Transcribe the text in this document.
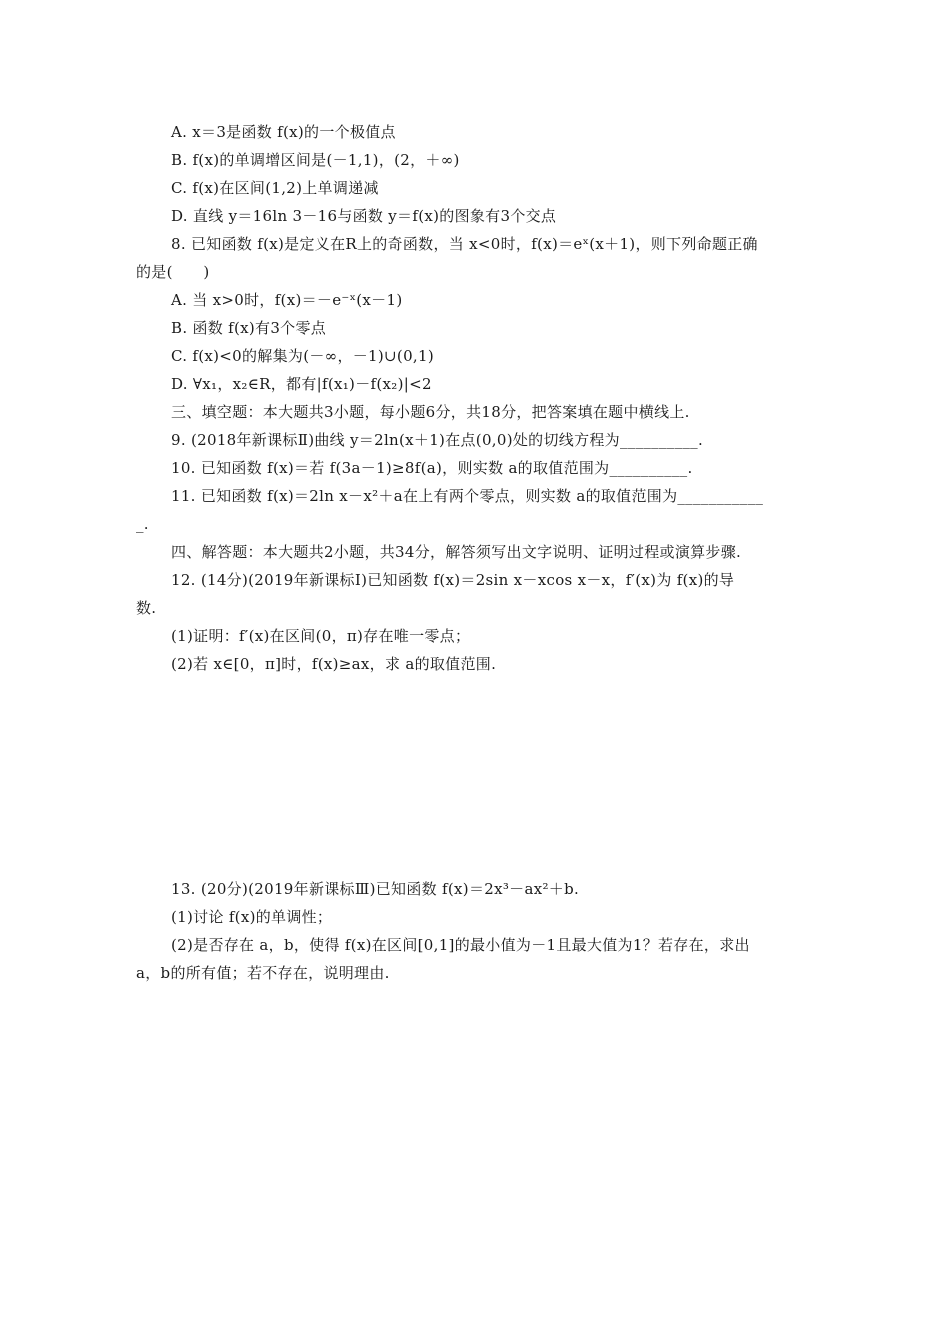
A. x＝3是函数 f(x)的一个极值点
B. f(x)的单调增区间是(－1,1)，(2，＋∞)
C. f(x)在区间(1,2)上单调递减
D. 直线 y＝16ln 3－16与函数 y＝f(x)的图象有3个交点
8. 已知函数 f(x)是定义在R上的奇函数，当 x<0时，f(x)＝eˣ(x＋1)，则下列命题正确
的是(　　)
A. 当 x>0时，f(x)＝－e⁻ˣ(x－1)
B. 函数 f(x)有3个零点
C. f(x)<0的解集为(－∞，－1)∪(0,1)
D. ∀x₁，x₂∈R，都有|f(x₁)－f(x₂)|<2
三、填空题：本大题共3小题，每小题6分，共18分，把答案填在题中横线上.
9. (2018年新课标Ⅱ)曲线 y＝2ln(x＋1)在点(0,0)处的切线方程为__________.
10. 已知函数 f(x)＝若 f(3a－1)≥8f(a)，则实数 a的取值范围为__________.
11. 已知函数 f(x)＝2ln x－x²＋a在上有两个零点，则实数 a的取值范围为___________
_.
四、解答题：本大题共2小题，共34分，解答须写出文字说明、证明过程或演算步骤.
12. (14分)(2019年新课标Ⅰ)已知函数 f(x)＝2sin x－xcos x－x，f′(x)为 f(x)的导
数.
(1)证明：f′(x)在区间(0，π)存在唯一零点；
(2)若 x∈[0，π]时，f(x)≥ax，求 a的取值范围.
13. (20分)(2019年新课标Ⅲ)已知函数 f(x)＝2x³－ax²＋b.
(1)讨论 f(x)的单调性；
(2)是否存在 a，b，使得 f(x)在区间[0,1]的最小值为－1且最大值为1？若存在，求出
a，b的所有值；若不存在，说明理由.
